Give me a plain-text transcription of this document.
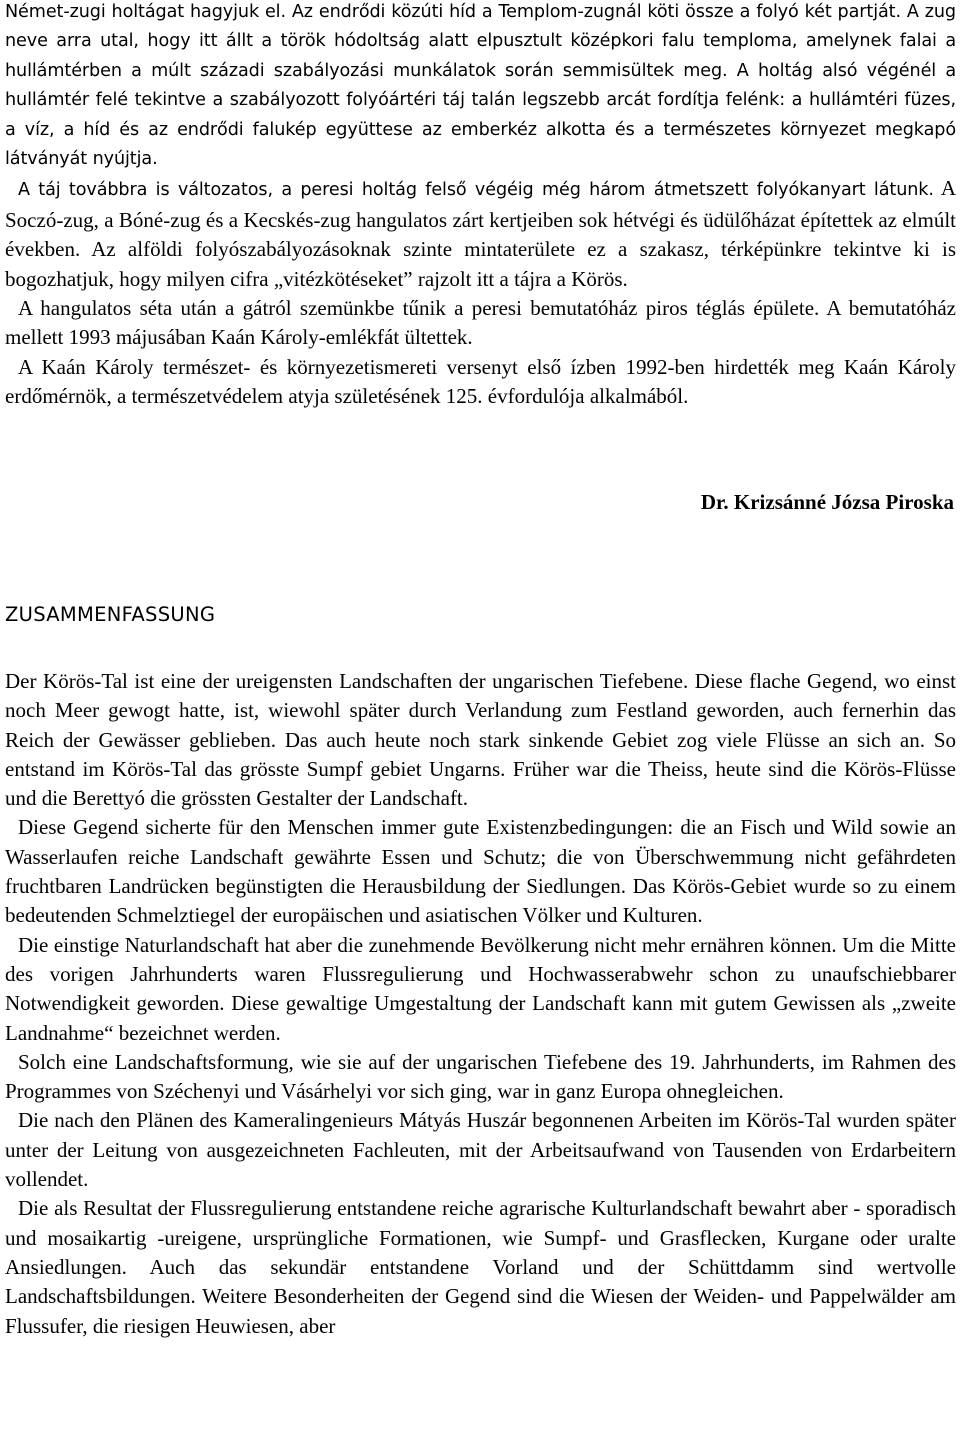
Német-zugi holtágat hagyjuk el. Az endrődi közúti híd a Templom-zugnál köti össze a folyó két partját. A zug neve arra utal, hogy itt állt a török hódoltság alatt elpusztult középkori falu temploma, amelynek falai a hullámtérben a múlt századi szabályozási munkálatok során semmisültek meg. A holtág alsó végénél a hullámtér felé tekintve a szabályozott folyóártéri táj talán legszebb arcát fordítja felénk: a hullámtéri füzes, a víz, a híd és az endrődi falukép együttese az emberkéz alkotta és a természetes környezet megkapó látványát nyújtja.

A táj továbbra is változatos, a peresi holtág felső végéig még három átmetszett folyókanyart látunk. A Soczó-zug, a Bóné-zug és a Kecskés-zug hangulatos zárt kertjeiben sok hétvégi és üdülőházat építettek az elmúlt években. Az alföldi folyószabályozásoknak szinte mintaterülete ez a szakasz, térképünkre tekintve ki is bogozhatjuk, hogy milyen cifra „vitézkötéseket” rajzolt itt a tájra a Körös.

A hangulatos séta után a gátról szemünkbe tűnik a peresi bemutatóház piros téglás épülete. A bemutatóház mellett 1993 májusában Kaán Károly-emlékfát ültettek.

A Kaán Károly természet- és környezetismereti versenyt első ízben 1992-ben hirdették meg Kaán Károly erdőmérnök, a természetvédelem atyja születésének 125. évfordulója alkalmából.

Dr. Krizsánné Józsa Piroska

ZUSAMMENFASSUNG

Der Körös-Tal ist eine der ureigensten Landschaften der ungarischen Tiefebene. Diese flache Gegend, wo einst noch Meer gewogt hatte, ist, wiewohl später durch Verlandung zum Festland geworden, auch fernerhin das Reich der Gewässer geblieben. Das auch heute noch stark sinkende Gebiet zog viele Flüsse an sich an. So entstand im Körös-Tal das grösste Sumpf gebiet Ungarns. Früher war die Theiss, heute sind die Körös-Flüsse und die Berettyó die grössten Gestalter der Landschaft.

Diese Gegend sicherte für den Menschen immer gute Existenzbedingungen: die an Fisch und Wild sowie an Wasserlaufen reiche Landschaft gewährte Essen und Schutz; die von Überschwemmung nicht gefährdeten fruchtbaren Landrücken begünstigten die Herausbildung der Siedlungen. Das Körös-Gebiet wurde so zu einem bedeutenden Schmelztiegel der europäischen und asiatischen Völker und Kulturen.

Die einstige Naturlandschaft hat aber die zunehmende Bevölkerung nicht mehr ernähren können. Um die Mitte des vorigen Jahrhunderts waren Flussregulierung und Hochwasserabwehr schon zu unaufschiebbarer Notwendigkeit geworden. Diese gewaltige Umgestaltung der Landschaft kann mit gutem Gewissen als „zweite Landnahme“ bezeichnet werden.

Solch eine Landschaftsformung, wie sie auf der ungarischen Tiefebene des 19. Jahrhunderts, im Rahmen des Programmes von Széchenyi und Vásárhelyi vor sich ging, war in ganz Europa ohnegleichen.

Die nach den Plänen des Kameralingenieurs Mátyás Huszár begonnenen Arbeiten im Körös-Tal wurden später unter der Leitung von ausgezeichneten Fachleuten, mit der Arbeitsaufwand von Tausenden von Erdarbeitern vollendet.

Die als Resultat der Flussregulierung entstandene reiche agrarische Kulturlandschaft bewahrt aber - sporadisch und mosaikartig -ureigene, ursprüngliche Formationen, wie Sumpf- und Grasflecken, Kurgane oder uralte Ansiedlungen. Auch das sekundär entstandene Vorland und der Schüttdamm sind wertvolle Landschaftsbildungen. Weitere Besonderheiten der Gegend sind die Wiesen der Weiden- und Pappelwälder am Flussufer, die riesigen Heuwiesen, aber
